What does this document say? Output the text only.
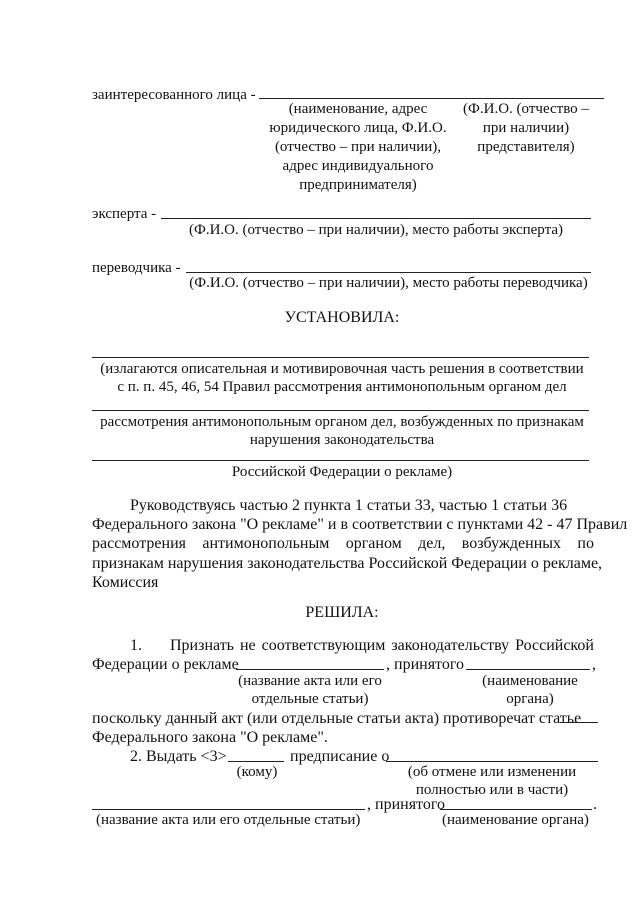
заинтересованного лица -
(наименование, адрес
юридического лица, Ф.И.О.
(отчество – при наличии),
адрес индивидуального
предпринимателя)
(Ф.И.О. (отчество –
при наличии)
представителя)
эксперта -
(Ф.И.О. (отчество – при наличии), место работы эксперта)
переводчика -
(Ф.И.О. (отчество – при наличии), место работы переводчика)
УСТАНОВИЛА:
(излагаются описательная и мотивировочная часть решения в соответствии
с п. п. 45, 46, 54 Правил рассмотрения антимонопольным органом дел
рассмотрения антимонопольным органом дел, возбужденных по признакам
нарушения законодательства
Российской Федерации о рекламе)
Руководствуясь частью 2 пункта 1 статьи 33, частью 1 статьи 36
Федерального закона "О рекламе" и в соответствии с пунктами 42 - 47 Правил
рассмотрения антимонопольным органом дел, возбужденных по
признакам нарушения законодательства Российской Федерации о рекламе,
Комиссия
РЕШИЛА:
1. Признать не соответствующим законодательству Российской
Федерации о рекламе	, принятого	,
(название акта или его
отдельные статьи)
(наименование
органа)
поскольку данный акт (или отдельные статьи акта) противоречат статье
Федерального закона "О рекламе".
2. Выдать <3>	предписание о
(кому)	(об отмене или изменении
полностью или в части)
, принятого	.
(название акта или его отдельные статьи)	(наименование органа)
